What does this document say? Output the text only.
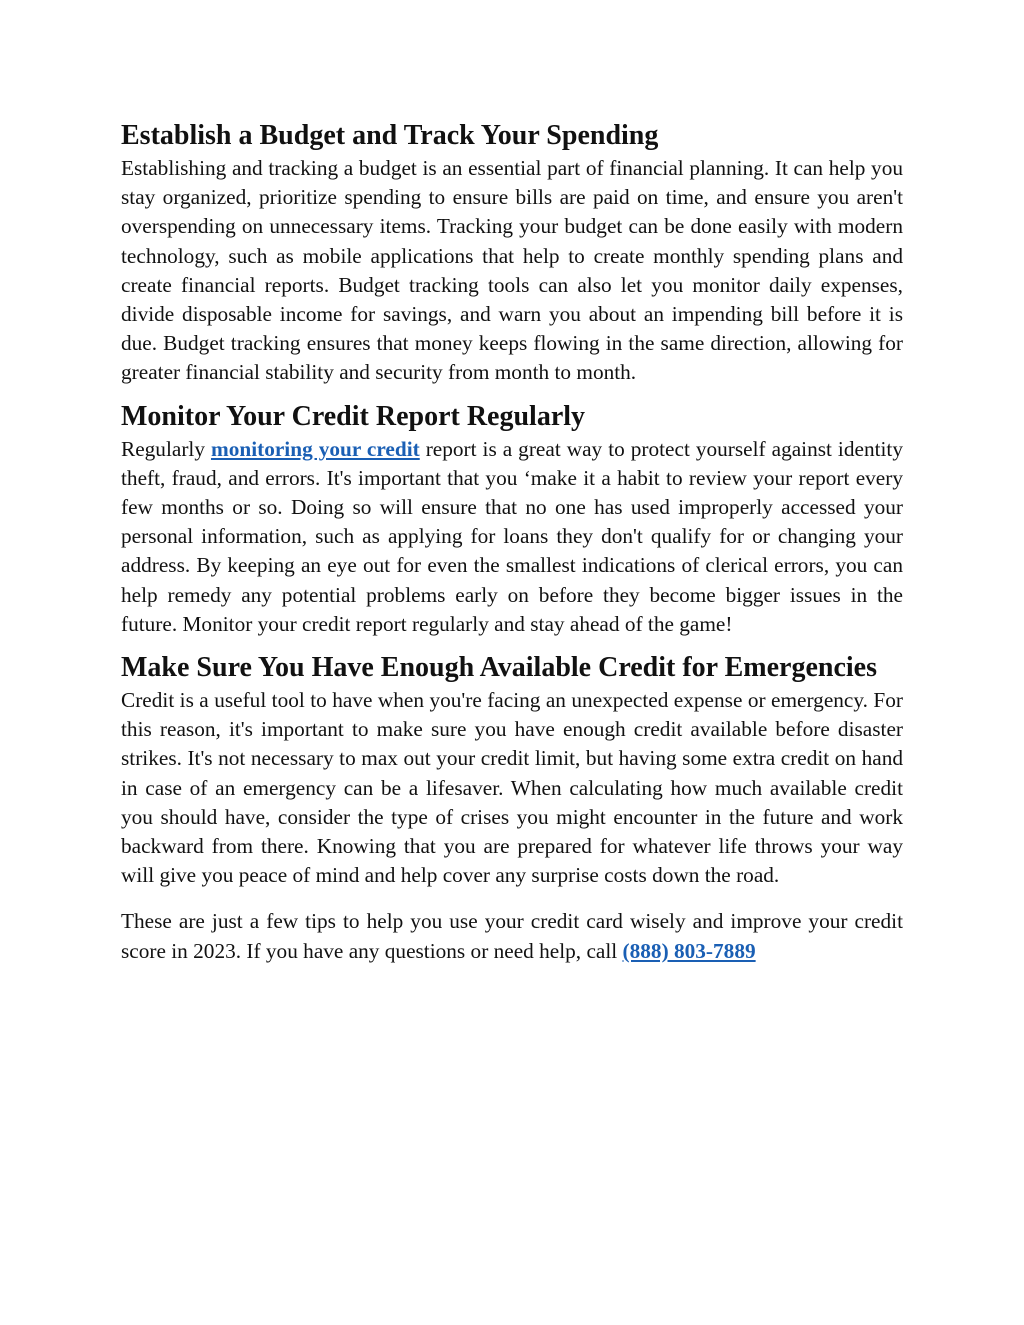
Establish a Budget and Track Your Spending

Establishing and tracking a budget is an essential part of financial planning. It can help you stay organized, prioritize spending to ensure bills are paid on time, and ensure you aren't overspending on unnecessary items. Tracking your budget can be done easily with modern technology, such as mobile applications that help to create monthly spending plans and create financial reports. Budget tracking tools can also let you monitor daily expenses, divide disposable income for savings, and warn you about an impending bill before it is due. Budget tracking ensures that money keeps flowing in the same direction, allowing for greater financial stability and security from month to month.

Monitor Your Credit Report Regularly

Regularly monitoring your credit report is a great way to protect yourself against identity theft, fraud, and errors. It's important that you ‘make it a habit to review your report every few months or so. Doing so will ensure that no one has used improperly accessed your personal information, such as applying for loans they don't qualify for or changing your address. By keeping an eye out for even the smallest indications of clerical errors, you can help remedy any potential problems early on before they become bigger issues in the future. Monitor your credit report regularly and stay ahead of the game!

Make Sure You Have Enough Available Credit for Emergencies

Credit is a useful tool to have when you're facing an unexpected expense or emergency. For this reason, it's important to make sure you have enough credit available before disaster strikes. It's not necessary to max out your credit limit, but having some extra credit on hand in case of an emergency can be a lifesaver. When calculating how much available credit you should have, consider the type of crises you might encounter in the future and work backward from there. Knowing that you are prepared for whatever life throws your way will give you peace of mind and help cover any surprise costs down the road.

These are just a few tips to help you use your credit card wisely and improve your credit score in 2023. If you have any questions or need help, call (888) 803-7889
